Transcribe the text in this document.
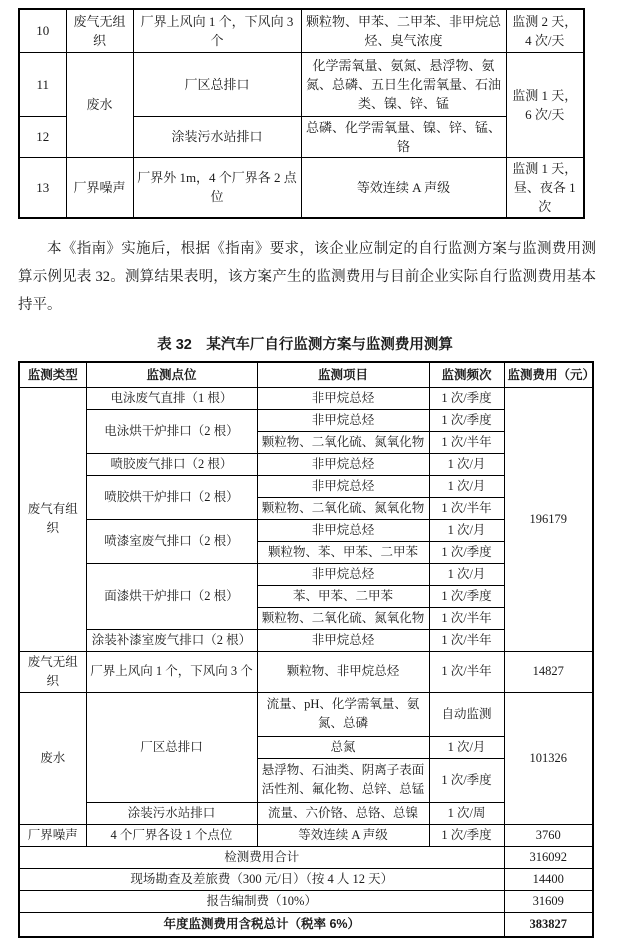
10	废气无组织	厂界上风向 1 个，下风向 3 个	颗粒物、甲苯、二甲苯、非甲烷总烃、臭气浓度	监测 2 天，4 次/天
11	废水	厂区总排口	化学需氧量、氨氮、悬浮物、氨氮、总磷、五日生化需氧量、石油类、镍、锌、锰	监测 1 天，6 次/天
12		涂装污水站排口	总磷、化学需氧量、镍、锌、锰、铬	
13	厂界噪声	厂界外 1m，4 个厂界各 2 点位	等效连续 A 声级	监测 1 天，昼、夜各 1 次

本《指南》实施后，根据《指南》要求，该企业应制定的自行监测方案与监测费用测算示例见表 32。测算结果表明，该方案产生的监测费用与目前企业实际自行监测费用基本持平。

表 32　某汽车厂自行监测方案与监测费用测算
监测类型	监测点位	监测项目	监测频次	监测费用（元）
废气有组织	电泳废气直排（1 根）	非甲烷总烃	1 次/季度	196179
	电泳烘干炉排口（2 根）	非甲烷总烃	1 次/季度	
		颗粒物、二氧化硫、氮氧化物	1 次/半年	
	喷胶废气排口（2 根）	非甲烷总烃	1 次/月	
	喷胶烘干炉排口（2 根）	非甲烷总烃	1 次/月	
		颗粒物、二氧化硫、氮氧化物	1 次/半年	
	喷漆室废气排口（2 根）	非甲烷总烃	1 次/月	
		颗粒物、苯、甲苯、二甲苯	1 次/季度	
	面漆烘干炉排口（2 根）	非甲烷总烃	1 次/月	
		苯、甲苯、二甲苯	1 次/季度	
		颗粒物、二氧化硫、氮氧化物	1 次/半年	
	涂装补漆室废气排口（2 根）	非甲烷总烃	1 次/半年	
废气无组织	厂界上风向 1 个，下风向 3 个	颗粒物、非甲烷总烃	1 次/半年	14827
废水	厂区总排口	流量、pH、化学需氧量、氨氮、总磷	自动监测	101326
		总氮	1 次/月	
		悬浮物、石油类、阴离子表面活性剂、氟化物、总锌、总锰	1 次/季度	
	涂装污水站排口	流量、六价铬、总铬、总镍	1 次/周	
厂界噪声	4 个厂界各设 1 个点位	等效连续 A 声级	1 次/季度	3760
检测费用合计				316092
现场勘查及差旅费（300 元/日）（按 4 人 12 天）				14400
报告编制费（10%）				31609
年度监测费用含税总计（税率 6%）				383827
